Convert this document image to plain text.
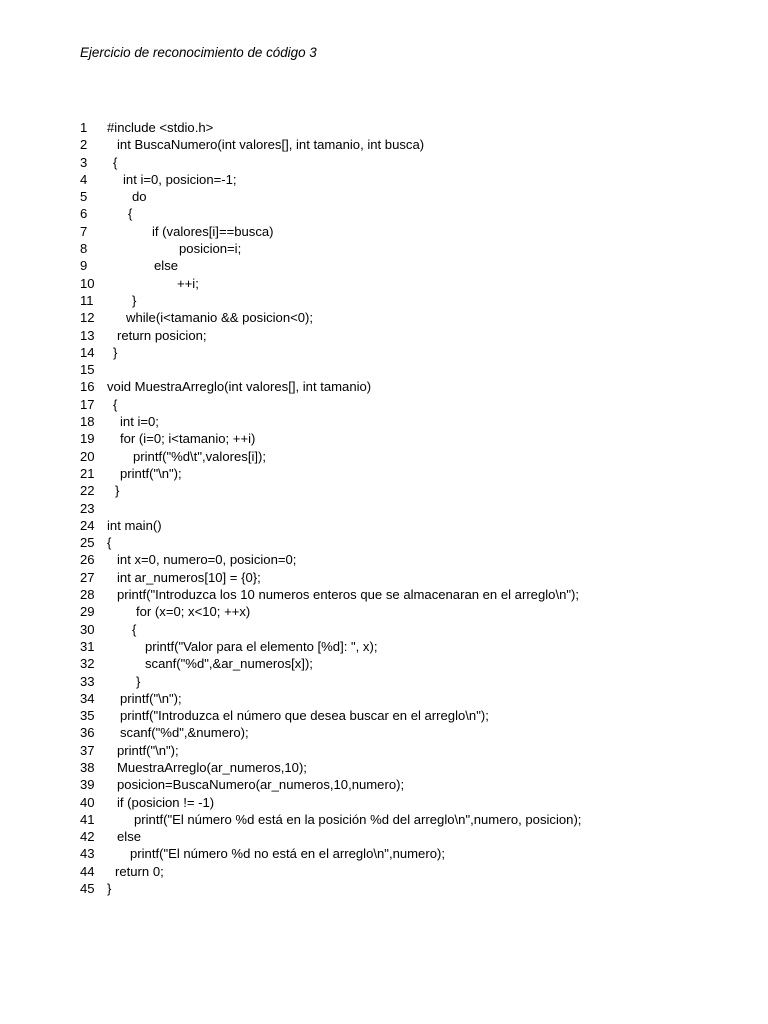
Ejercicio de reconocimiento de código 3
1	#include <stdio.h>
2	int BuscaNumero(int valores[], int tamanio, int busca)
3	{
4	int i=0, posicion=-1;
5	do
6	{
7	if (valores[i]==busca)
8	posicion=i;
9	else
10	++i;
11	}
12	while(i<tamanio && posicion<0);
13	return posicion;
14	}
15
16 void MuestraArreglo(int valores[], int tamanio)
17	{
18	int i=0;
19	for (i=0; i<tamanio; ++i)
20	printf("%d\t",valores[i]);
21	printf("\n");
22	}
23
24 int main()
25 {
26	int x=0, numero=0, posicion=0;
27	int ar_numeros[10] = {0};
28	printf("Introduzca los 10 numeros enteros que se almacenaran en el arreglo\n");
29	for (x=0; x<10; ++x)
30	{
31	printf("Valor para el elemento [%d]: ", x);
32	scanf("%d",&ar_numeros[x]);
33	}
34	printf("\n");
35	printf("Introduzca el número que desea buscar en el arreglo\n");
36	scanf("%d",&numero);
37	printf("\n");
38	MuestraArreglo(ar_numeros,10);
39	posicion=BuscaNumero(ar_numeros,10,numero);
40	if (posicion != -1)
41	printf("El número %d está en la posición %d del arreglo\n",numero, posicion);
42	else
43	printf("El número %d no está en el arreglo\n",numero);
44	return 0;
45 }
